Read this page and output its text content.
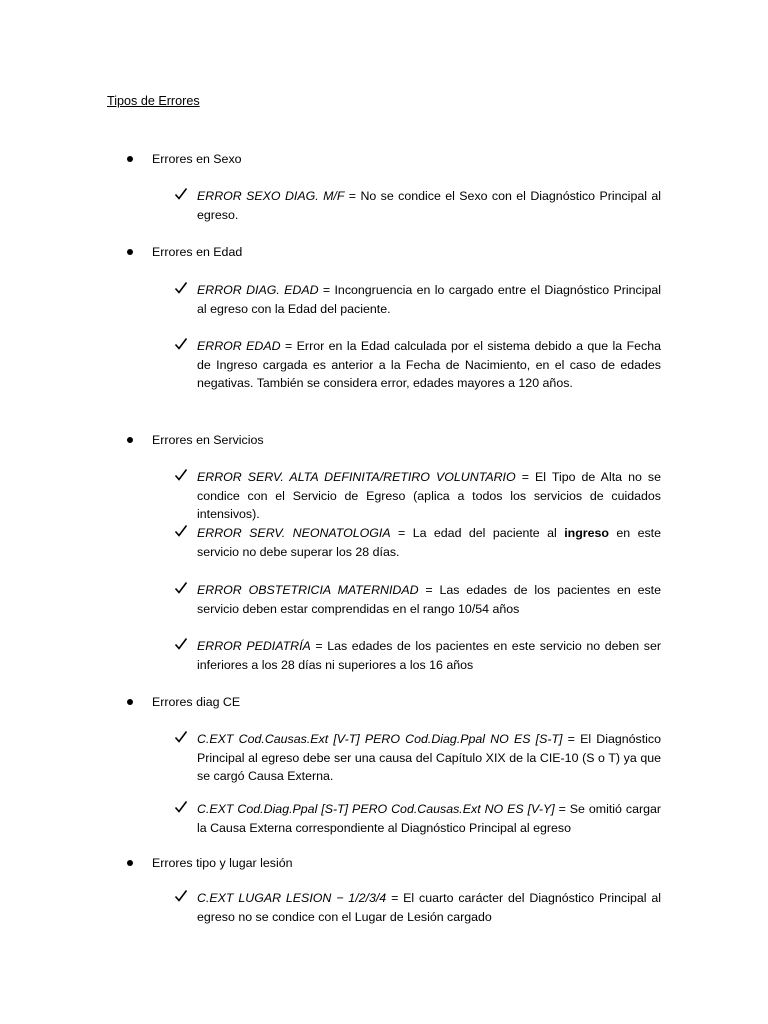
Tipos de Errores
Errores en Sexo
ERROR SEXO DIAG. M/F = No se condice el Sexo con el Diagnóstico Principal al egreso.
Errores en Edad
ERROR DIAG. EDAD = Incongruencia en lo cargado entre el Diagnóstico Principal al egreso con la Edad del paciente.
ERROR EDAD = Error en la Edad calculada por el sistema debido a que la Fecha de Ingreso cargada es anterior a la Fecha de Nacimiento, en el caso de edades negativas. También se considera error, edades mayores a 120 años.
Errores en Servicios
ERROR SERV. ALTA DEFINITA/RETIRO VOLUNTARIO = El Tipo de Alta no se condice con el Servicio de Egreso (aplica a todos los servicios de cuidados intensivos).
ERROR SERV. NEONATOLOGIA = La edad del paciente al ingreso en este servicio no debe superar los 28 días.
ERROR OBSTETRICIA MATERNIDAD = Las edades de los pacientes en este servicio deben estar comprendidas en el rango 10/54 años
ERROR PEDIATRÍA = Las edades de los pacientes en este servicio no deben ser inferiores a los 28 días ni superiores a los 16 años
Errores diag CE
C.EXT Cod.Causas.Ext [V-T] PERO Cod.Diag.Ppal NO ES [S-T] = El Diagnóstico Principal al egreso debe ser una causa del Capítulo XIX de la CIE-10 (S o T) ya que se cargó Causa Externa.
C.EXT Cod.Diag.Ppal [S-T] PERO Cod.Causas.Ext NO ES [V-Y] = Se omitió cargar la Causa Externa correspondiente al Diagnóstico Principal al egreso
Errores tipo y lugar lesión
C.EXT LUGAR LESION − 1/2/3/4 = El cuarto carácter del Diagnóstico Principal al egreso no se condice con el Lugar de Lesión cargado
